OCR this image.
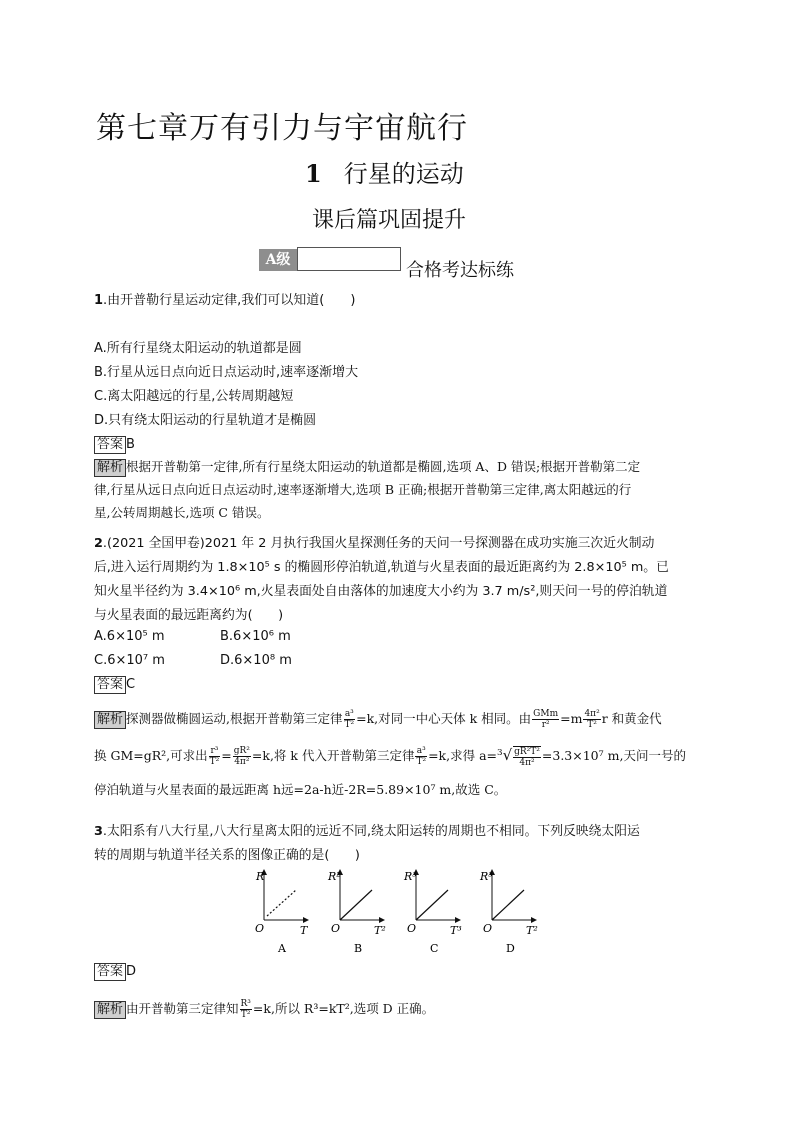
第七章万有引力与宇宙航行
1 行星的运动
课后篇巩固提升
A级	合格考达标练
1.由开普勒行星运动定律,我们可以知道(　　)
A.所有行星绕太阳运动的轨道都是圆
B.行星从远日点向近日点运动时,速率逐渐增大
C.离太阳越远的行星,公转周期越短
D.只有绕太阳运动的行星轨道才是椭圆
答案 B
解析 根据开普勒第一定律,所有行星绕太阳运动的轨道都是椭圆,选项 A、D 错误;根据开普勒第二定
律,行星从远日点向近日点运动时,速率逐渐增大,选项 B 正确;根据开普勒第三定律,离太阳越远的行
星,公转周期越长,选项 C 错误。
2.(2021 全国甲卷)2021 年 2 月执行我国火星探测任务的天问一号探测器在成功实施三次近火制动
后,进入运行周期约为 1.8×10⁵ s 的椭圆形停泊轨道,轨道与火星表面的最近距离约为 2.8×10⁵ m。已
知火星半径约为 3.4×10⁶ m,火星表面处自由落体的加速度大小约为 3.7 m/s²,则天问一号的停泊轨道
与火星表面的最远距离约为(　　)
A.6×10⁵ m	B.6×10⁶ m
C.6×10⁷ m	D.6×10⁸ m
答案 C
解析 探测器做椭圆运动,根据开普勒第三定律 $\frac{\text{a³}}{\text{T²}} =k$,对同一中心天体 k 相同。由 $\frac{\text{GMm}}{\text{r²}} =m \frac{\text{4π²}}{\text{T²}}$ r 和黄金代
换 GM=gR²,可求出 $\frac{\text{r³}}{\text{T²}} = \frac{\text{gR²}}{\text{4π²}} =k$,将 k 代入开普勒第三定律 $\frac{\text{a³}}{\text{T²}} =k$,求得 $a=^3√ \frac{\text{gR²T²}}{\text{4π²}} =3.3\times 10^7$ m,天问一号的
停泊轨道与火星表面的最远距离 h远=2a-h近-2R=5.89×10⁷ m,故选 C。
3.太阳系有八大行星,八大行星离太阳的远近不同,绕太阳运转的周期也不相同。下列反映绕太阳运
转的周期与轨道半径关系的图像正确的是(　　)
R
T
O
A
R²
T²
O
B
R³
T³
O
C
R³
T²
O
D
答案 D
解析 由开普勒第三定律知 $\frac{\text{R³}}{\text{T²}} =k$,所以 R³=kT²,选项 D 正确。
